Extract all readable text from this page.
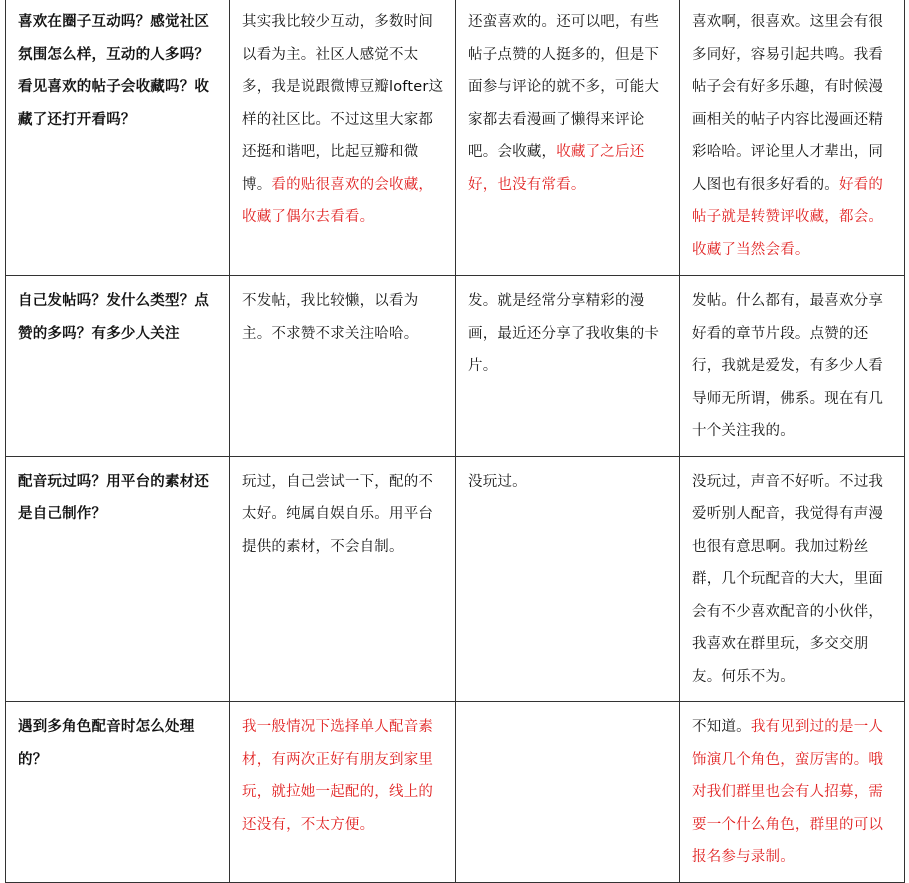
喜欢在圈子互动吗？感觉社区氛围怎么样，互动的人多吗？看见喜欢的帖子会收藏吗？收藏了还打开看吗？	其实我比较少互动，多数时间以看为主。社区人感觉不太多，我是说跟微博豆瓣lofter这样的社区比。不过这里大家都还挺和谐吧，比起豆瓣和微博。看的贴很喜欢的会收藏，收藏了偶尔去看看。	还蛮喜欢的。还可以吧，有些帖子点赞的人挺多的，但是下面参与评论的就不多，可能大家都去看漫画了懒得来评论吧。会收藏，收藏了之后还好，也没有常看。	喜欢啊，很喜欢。这里会有很多同好，容易引起共鸣。我看帖子会有好多乐趣，有时候漫画相关的帖子内容比漫画还精彩哈哈。评论里人才辈出，同人图也有很多好看的。好看的帖子就是转赞评收藏，都会。收藏了当然会看。
自己发帖吗？发什么类型？点赞的多吗？有多少人关注	不发帖，我比较懒，以看为主。不求赞不求关注哈哈。	发。就是经常分享精彩的漫画，最近还分享了我收集的卡片。	发帖。什么都有，最喜欢分享好看的章节片段。点赞的还行，我就是爱发，有多少人看导师无所谓，佛系。现在有几十个关注我的。
配音玩过吗？用平台的素材还是自己制作？	玩过，自己尝试一下，配的不太好。纯属自娱自乐。用平台提供的素材，不会自制。	没玩过。	没玩过，声音不好听。不过我爱听别人配音，我觉得有声漫也很有意思啊。我加过粉丝群，几个玩配音的大大，里面会有不少喜欢配音的小伙伴，我喜欢在群里玩，多交交朋友。何乐不为。
遇到多角色配音时怎么处理的？	我一般情况下选择单人配音素材，有两次正好有朋友到家里玩，就拉她一起配的，线上的还没有，不太方便。		不知道。我有见到过的是一人饰演几个角色，蛮厉害的。哦对我们群里也会有人招募，需要一个什么角色，群里的可以报名参与录制。
